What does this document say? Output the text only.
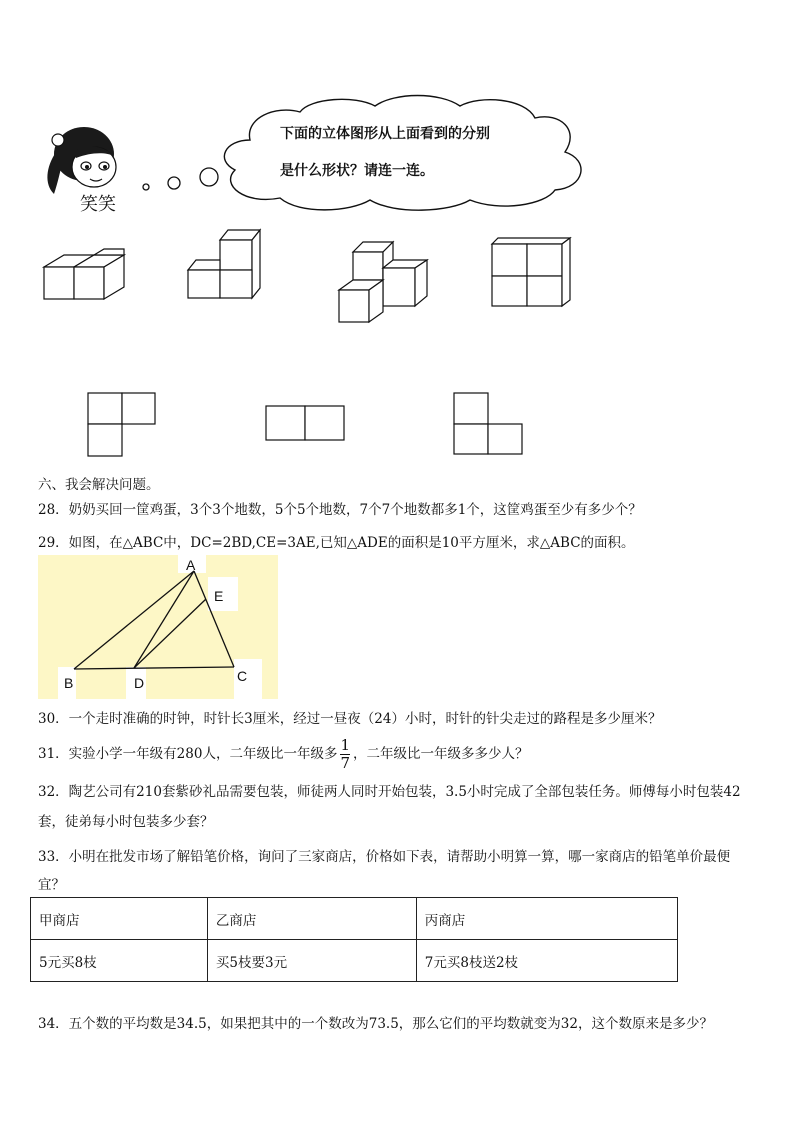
下面的立体图形从上面看到的分别
是什么形状？请连一连。
笑笑
六、我会解决问题。
28．奶奶买回一筐鸡蛋，3个3个地数，5个5个地数，7个7个地数都多1个，这筐鸡蛋至少有多少个？
29．如图，在△ABC中，DC=2BD,CE=3AE,已知△ADE的面积是10平方厘米，求△ABC的面积。
A
E
B	D	C
30．一个走时准确的时钟，时针长3厘米，经过一昼夜（24）小时，时针的针尖走过的路程是多少厘米？
31．实验小学一年级有280人，二年级比一年级多 $\frac{1}{7}$ ，二年级比一年级多多少人？
32．陶艺公司有210套紫砂礼品需要包装，师徒两人同时开始包装，3.5小时完成了全部包装任务。师傅每小时包装42
套，徒弟每小时包装多少套？
33．小明在批发市场了解铅笔价格，询问了三家商店，价格如下表，请帮助小明算一算，哪一家商店的铅笔单价最便
宜？
甲商店	乙商店	丙商店
5元买8枝	买5枝要3元	7元买8枝送2枝
34．五个数的平均数是34.5，如果把其中的一个数改为73.5，那么它们的平均数就变为32，这个数原来是多少？
